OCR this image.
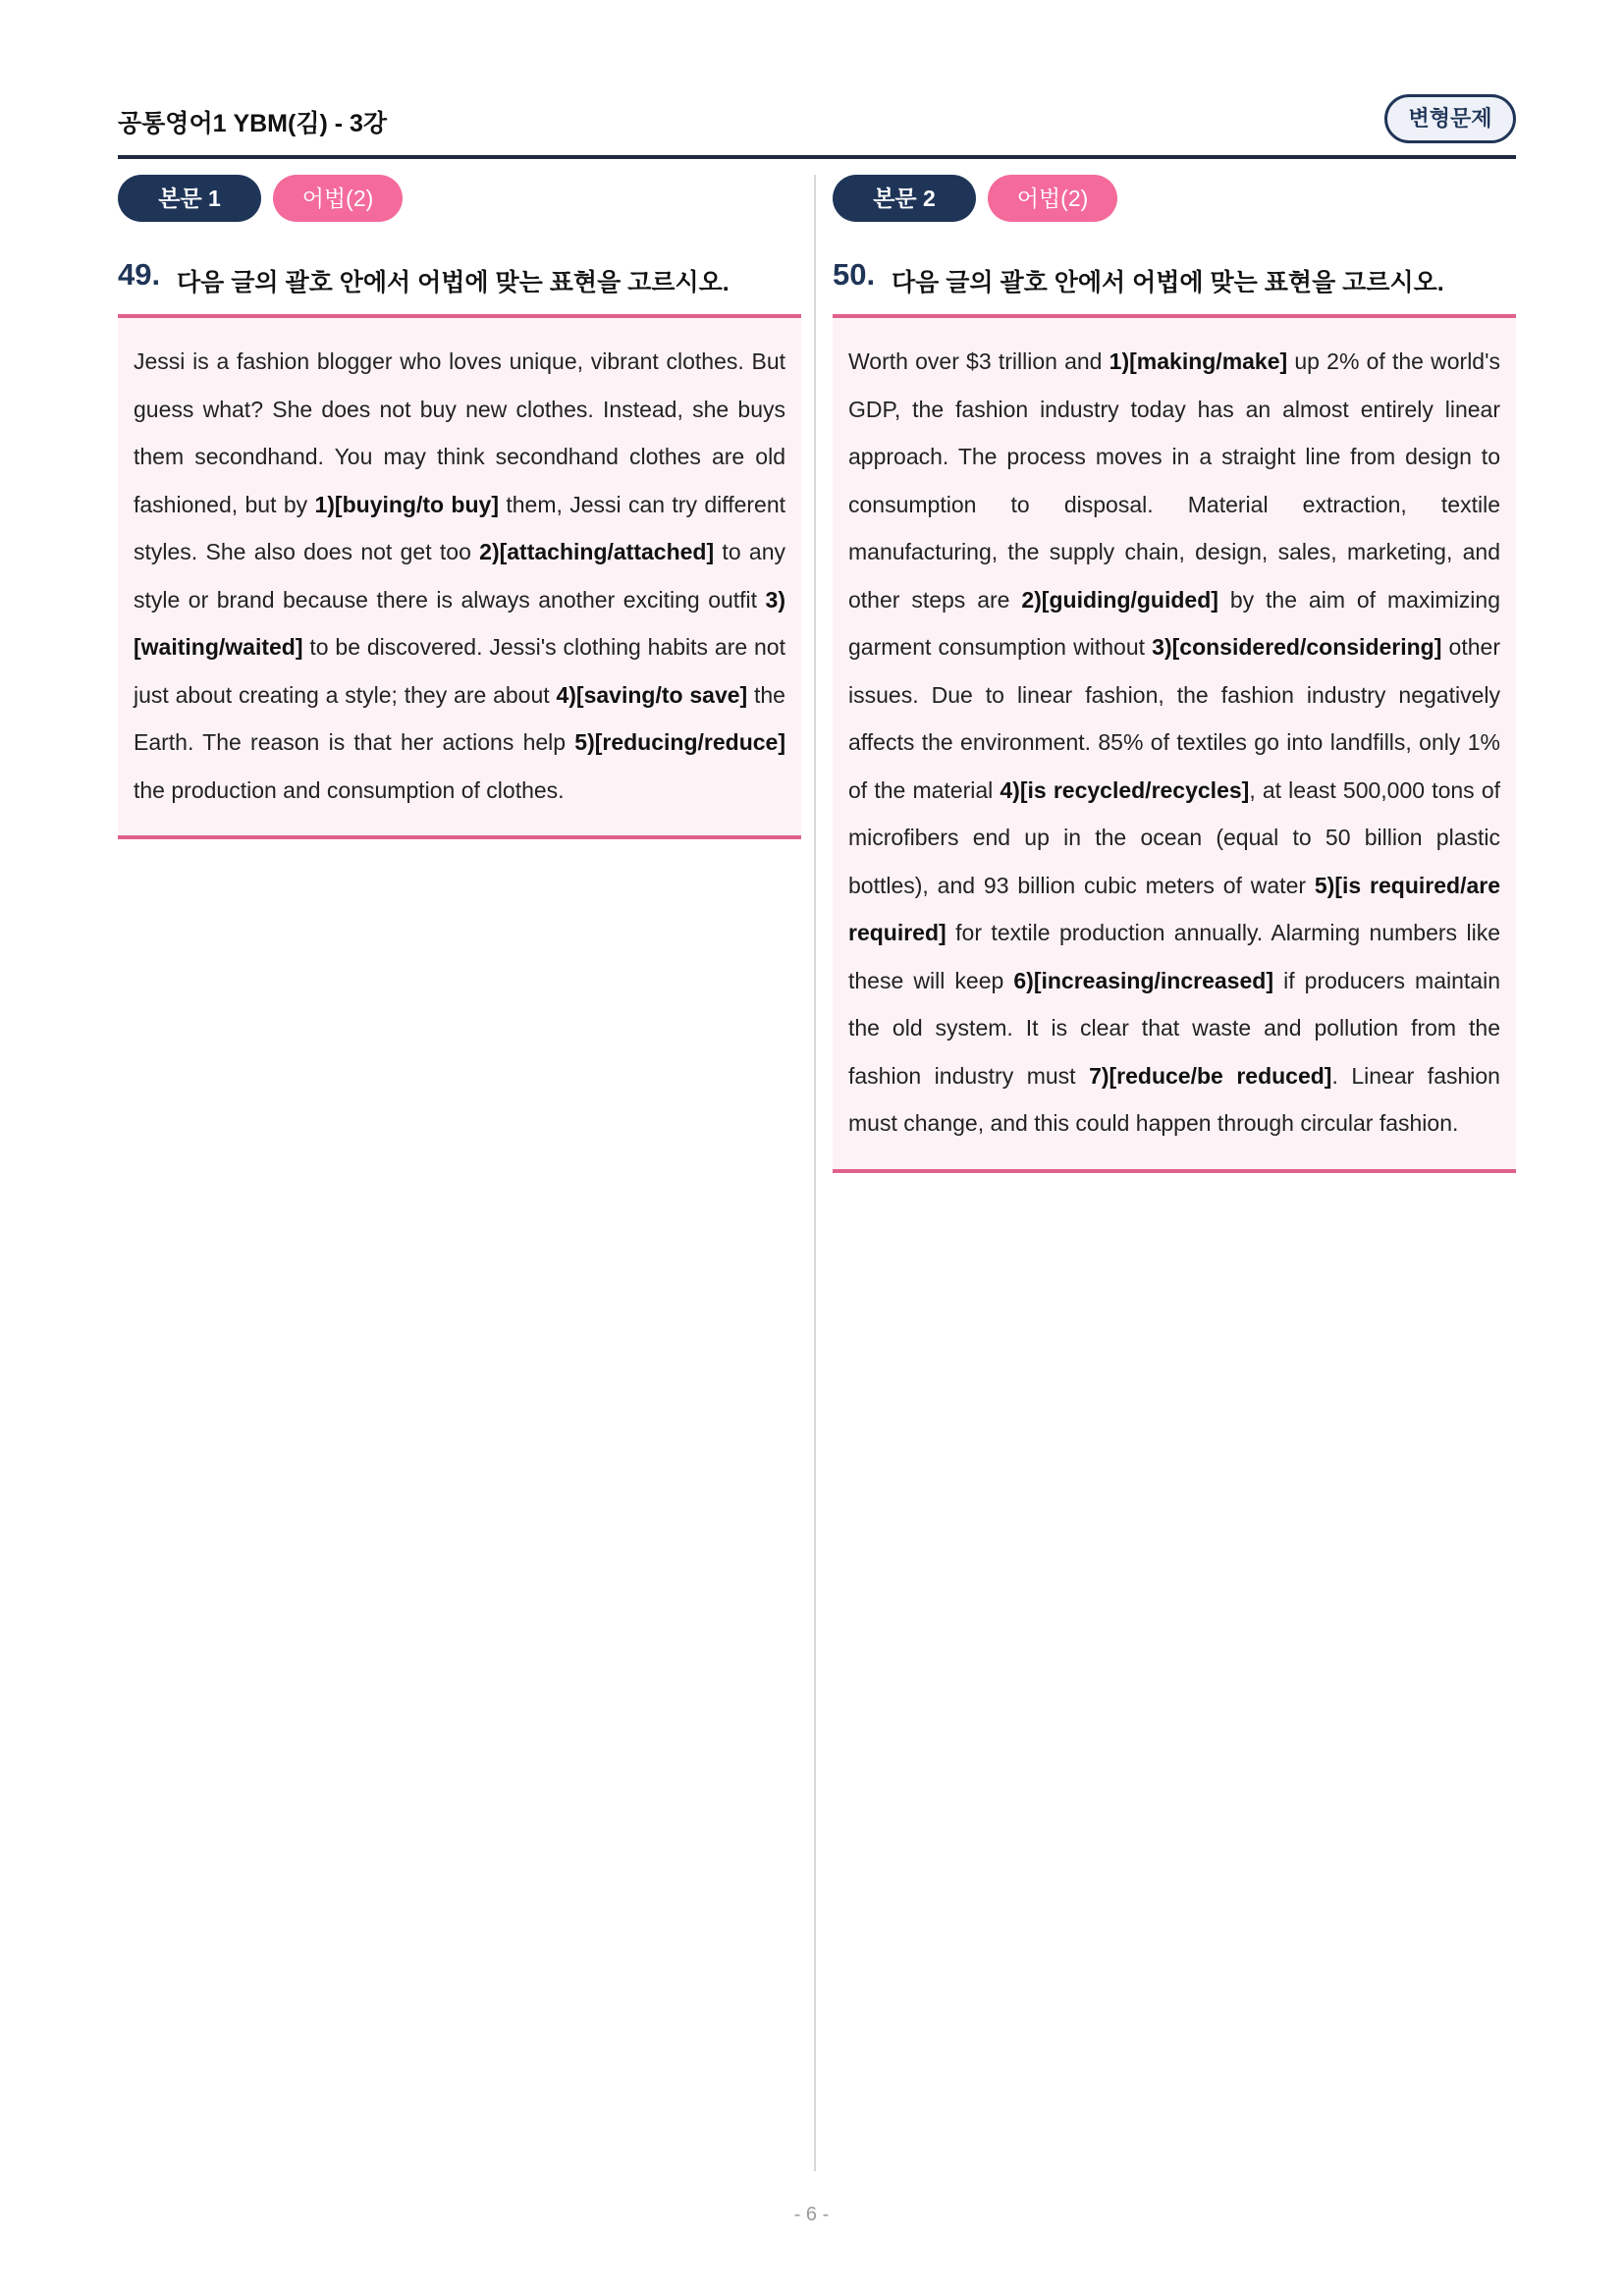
공통영어1 YBM(김) - 3강	변형문제
본문 1	어법(2)
49. 다음 글의 괄호 안에서 어법에 맞는 표현을 고르시오.
Jessi is a fashion blogger who loves unique, vibrant clothes. But guess what? She does not buy new clothes. Instead, she buys them secondhand. You may think secondhand clothes are old fashioned, but by 1)[buying/to buy] them, Jessi can try different styles. She also does not get too 2)[attaching/attached] to any style or brand because there is always another exciting outfit 3)[waiting/waited] to be discovered. Jessi's clothing habits are not just about creating a style; they are about 4)[saving/to save] the Earth. The reason is that her actions help 5)[reducing/reduce] the production and consumption of clothes.
본문 2	어법(2)
50. 다음 글의 괄호 안에서 어법에 맞는 표현을 고르시오.
Worth over $3 trillion and 1)[making/make] up 2% of the world's GDP, the fashion industry today has an almost entirely linear approach. The process moves in a straight line from design to consumption to disposal. Material extraction, textile manufacturing, the supply chain, design, sales, marketing, and other steps are 2)[guiding/guided] by the aim of maximizing garment consumption without 3)[considered/considering] other issues. Due to linear fashion, the fashion industry negatively affects the environment. 85% of textiles go into landfills, only 1% of the material 4)[is recycled/recycles], at least 500,000 tons of microfibers end up in the ocean (equal to 50 billion plastic bottles), and 93 billion cubic meters of water 5)[is required/are required] for textile production annually. Alarming numbers like these will keep 6)[increasing/increased] if producers maintain the old system. It is clear that waste and pollution from the fashion industry must 7)[reduce/be reduced]. Linear fashion must change, and this could happen through circular fashion.
- 6 -
